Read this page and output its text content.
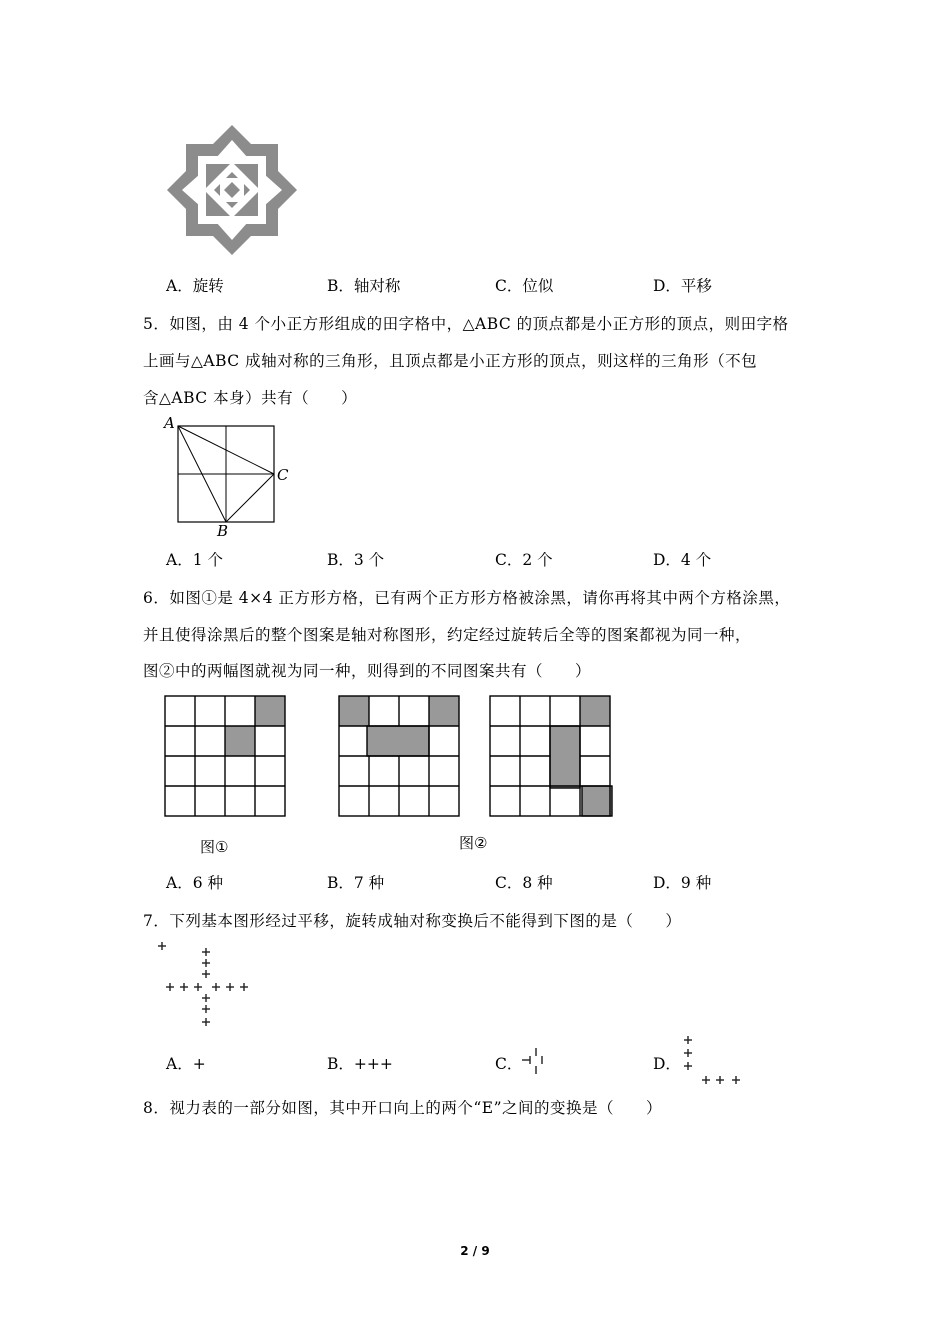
A．旋转	B．轴对称	C．位似	D．平移
5．如图，由 4 个小正方形组成的田字格中，△ABC 的顶点都是小正方形的顶点，则田字格
上画与△ABC 成轴对称的三角形，且顶点都是小正方形的顶点，则这样的三角形（不包
含△ABC 本身）共有（　　）
A
C
B
A．1 个	B．3 个	C．2 个	D．4 个
6．如图①是 4×4 正方形方格，已有两个正方形方格被涂黑，请你再将其中两个方格涂黑，
并且使得涂黑后的整个图案是轴对称图形，约定经过旋转后全等的图案都视为同一种，
图②中的两幅图就视为同一种，则得到的不同图案共有（　　）
图①	图②
A．6 种	B．7 种	C．8 种	D．9 种
7．下列基本图形经过平移，旋转成轴对称变换后不能得到下图的是（　　）
A．+	B．+++	C．	D．
8．视力表的一部分如图，其中开口向上的两个“E”之间的变换是（　　）
2 / 9
